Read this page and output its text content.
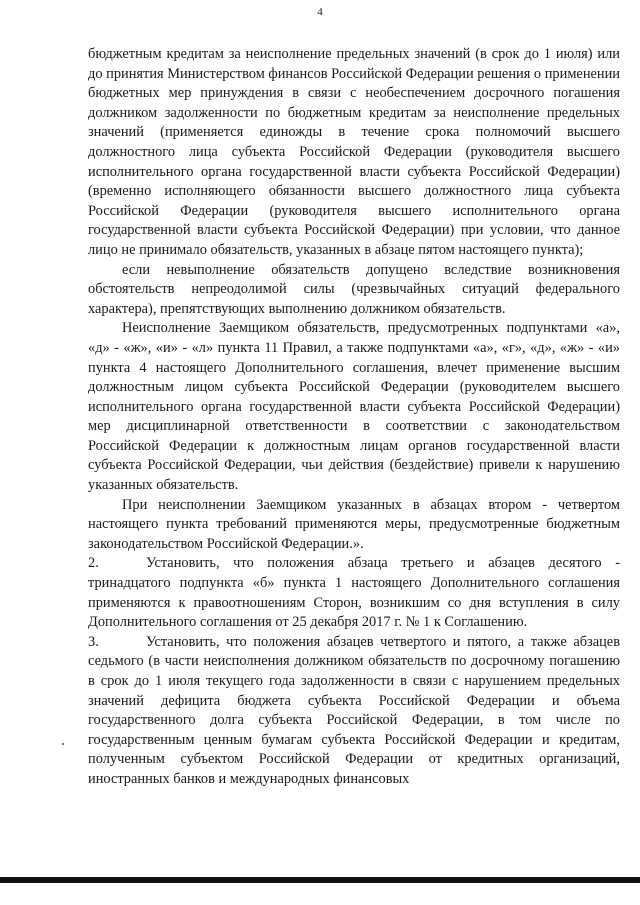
4

бюджетным кредитам за неисполнение предельных значений (в срок до 1 июля) или до принятия Министерством финансов Российской Федерации решения о применении бюджетных мер принуждения в связи с необеспечением досрочного погашения должником задолженности по бюджетным кредитам за неисполнение предельных значений (применяется единожды в течение срока полномочий высшего должностного лица субъекта Российской Федерации (руководителя высшего исполнительного органа государственной власти субъекта Российской Федерации) (временно исполняющего обязанности высшего должностного лица субъекта Российской Федерации (руководителя высшего исполнительного органа государственной власти субъекта Российской Федерации) при условии, что данное лицо не принимало обязательств, указанных в абзаце пятом настоящего пункта);

если невыполнение обязательств допущено вследствие возникновения обстоятельств непреодолимой силы (чрезвычайных ситуаций федерального характера), препятствующих выполнению должником обязательств.

Неисполнение Заемщиком обязательств, предусмотренных подпунктами «а», «д» - «ж», «и» - «л» пункта 11 Правил, а также подпунктами «а», «г», «д», «ж» - «и» пункта 4 настоящего Дополнительного соглашения, влечет применение высшим должностным лицом субъекта Российской Федерации (руководителем высшего исполнительного органа государственной власти субъекта Российской Федерации) мер дисциплинарной ответственности в соответствии с законодательством Российской Федерации к должностным лицам органов государственной власти субъекта Российской Федерации, чьи действия (бездействие) привели к нарушению указанных обязательств.

При неисполнении Заемщиком указанных в абзацах втором - четвертом настоящего пункта требований применяются меры, предусмотренные бюджетным законодательством Российской Федерации.».

2.	Установить, что положения абзаца третьего и абзацев десятого - тринадцатого подпункта «б» пункта 1 настоящего Дополнительного соглашения применяются к правоотношениям Сторон, возникшим со дня вступления в силу Дополнительного соглашения от 25 декабря 2017 г. № 1 к Соглашению.

3.	Установить, что положения абзацев четвертого и пятого, а также абзацев седьмого (в части неисполнения должником обязательств по досрочному погашению в срок до 1 июля текущего года задолженности в связи с нарушением предельных значений дефицита бюджета субъекта Российской Федерации и объема государственного долга субъекта Российской Федерации, в том числе по государственным ценным бумагам субъекта Российской Федерации и кредитам, полученным субъектом Российской Федерации от кредитных организаций, иностранных банков и международных финансовых
